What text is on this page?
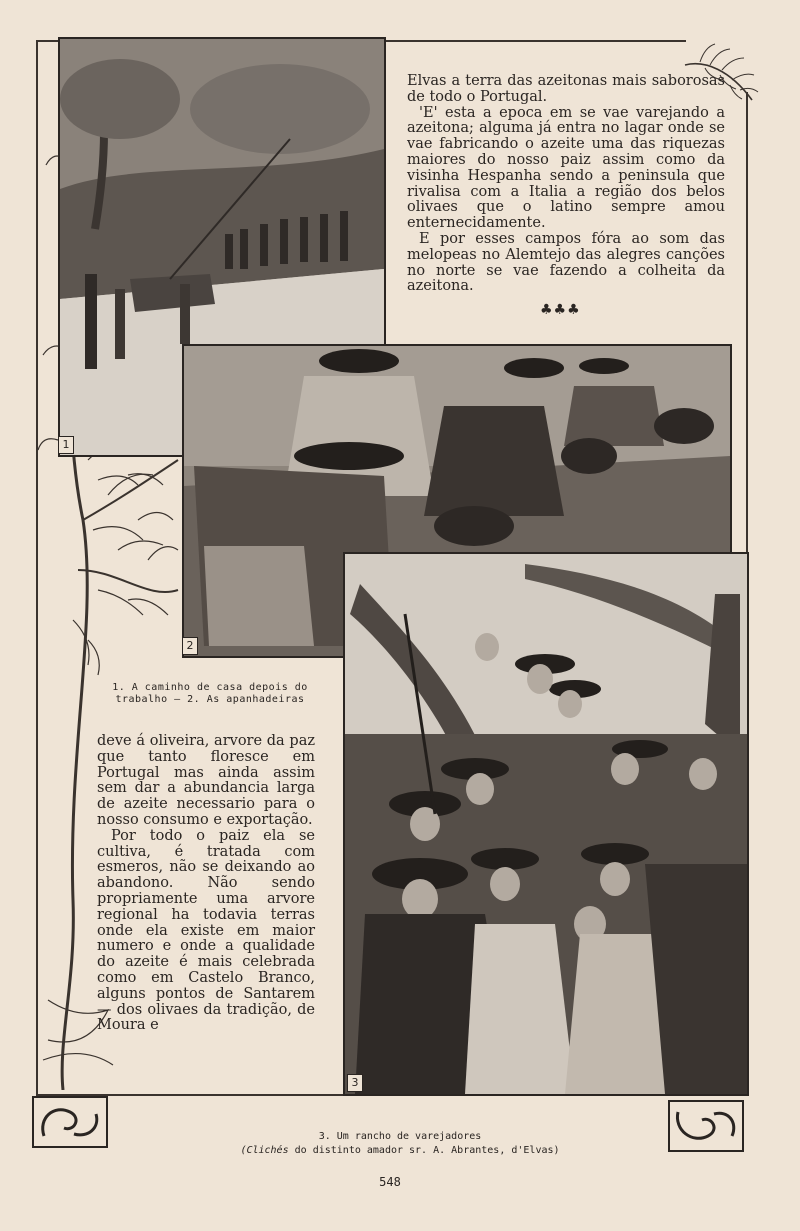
1
2
3

Elvas a terra das azeitonas mais saborosas de todo o Portugal.

'E' esta a epoca em se vae varejando a azeitona; alguma já entra no lagar onde se vae fabricando o azeite uma das riquezas maiores do nosso paiz assim como da visinha Hespanha sendo a peninsula que rivalisa com a Italia a região dos belos olivaes que o latino sempre amou enternecidamente.

E por esses campos fóra ao som das melopeas no Alemtejo das alegres canções no norte se vae fazendo a colheita da azeitona.

♣♣♣
1. A caminho de casa depois do trabalho — 2. As apanhadeiras

deve á oliveira, arvore da paz que tanto floresce em Portugal mas ainda assim sem dar a abundancia larga de azeite necessario para o nosso consumo e exportação.

Por todo o paiz ela se cultiva, é tratada com esmeros, não se deixando ao abandono. Não sendo propriamente uma arvore regional ha todavia terras onde ela existe em maior numero e onde a qualidade do azeite é mais celebrada como em Castelo Branco, alguns pontos de Santarem — dos olivaes da tradição, de Moura e

3. Um rancho de varejadores
(Clichés do distinto amador sr. A. Abrantes, d'Elvas)
548
